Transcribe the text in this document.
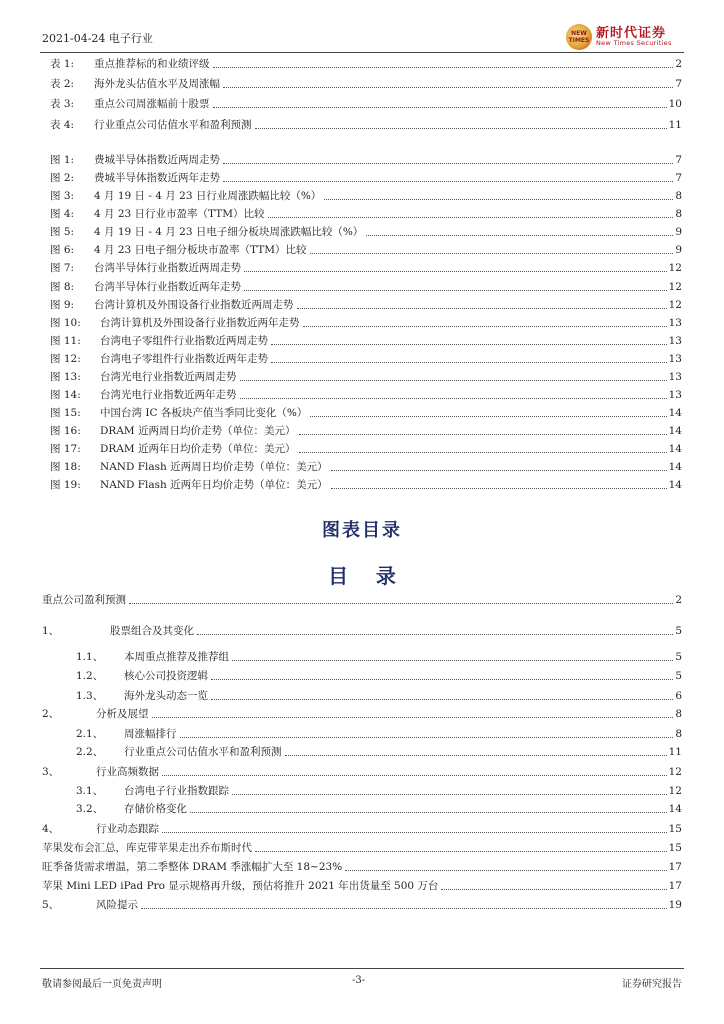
2021-04-24 电子行业	NEW TIMES 新时代证券
New Times Securities
表 1:	重点推荐标的和业绩评级	2
表 2:	海外龙头估值水平及周涨幅	7
表 3:	重点公司周涨幅前十股票	10
表 4:	行业重点公司估值水平和盈利预测	11
图 1:	费城半导体指数近两周走势	7
图 2:	费城半导体指数近两年走势	7
图 3:	4 月 19 日 - 4 月 23 日行业周涨跌幅比较（%）	8
图 4:	4 月 23 日行业市盈率（TTM）比较	8
图 5:	4 月 19 日 - 4 月 23 日电子细分板块周涨跌幅比较（%）	9
图 6:	4 月 23 日电子细分板块市盈率（TTM）比较	9
图 7:	台湾半导体行业指数近两周走势	12
图 8:	台湾半导体行业指数近两年走势	12
图 9:	台湾计算机及外围设备行业指数近两周走势	12
图 10:	台湾计算机及外围设备行业指数近两年走势	13
图 11:	台湾电子零组件行业指数近两周走势	13
图 12:	台湾电子零组件行业指数近两年走势	13
图 13:	台湾光电行业指数近两周走势	13
图 14:	台湾光电行业指数近两年走势	13
图 15:	中国台湾 IC 各板块产值当季同比变化（%）	14
图 16:	DRAM 近两周日均价走势（单位：美元）	14
图 17:	DRAM 近两年日均价走势（单位：美元）	14
图 18:	NAND Flash 近两周日均价走势（单位：美元）	14
图 19:	NAND Flash 近两年日均价走势（单位：美元）	14
图表目录
目    录
重点公司盈利预测	2
1、	股票组合及其变化	5
1.1、	本周重点推荐及推荐组	5
1.2、	核心公司投资逻辑	5
1.3、	海外龙头动态一览	6
2、	分析及展望	8
2.1、	周涨幅排行	8
2.2、	行业重点公司估值水平和盈利预测	11
3、	行业高频数据	12
3.1、	台湾电子行业指数跟踪	12
3.2、	存储价格变化	14
4、	行业动态跟踪	15
苹果发布会汇总，库克带苹果走出乔布斯时代	15
旺季备货需求增温，第二季整体 DRAM 季涨幅扩大至 18~23%	17
苹果 Mini LED iPad Pro 显示规格再升级，预估将推升 2021 年出货量至 500 万台	17
5、	风险提示	19
敬请参阅最后一页免责声明	-3-	证券研究报告
